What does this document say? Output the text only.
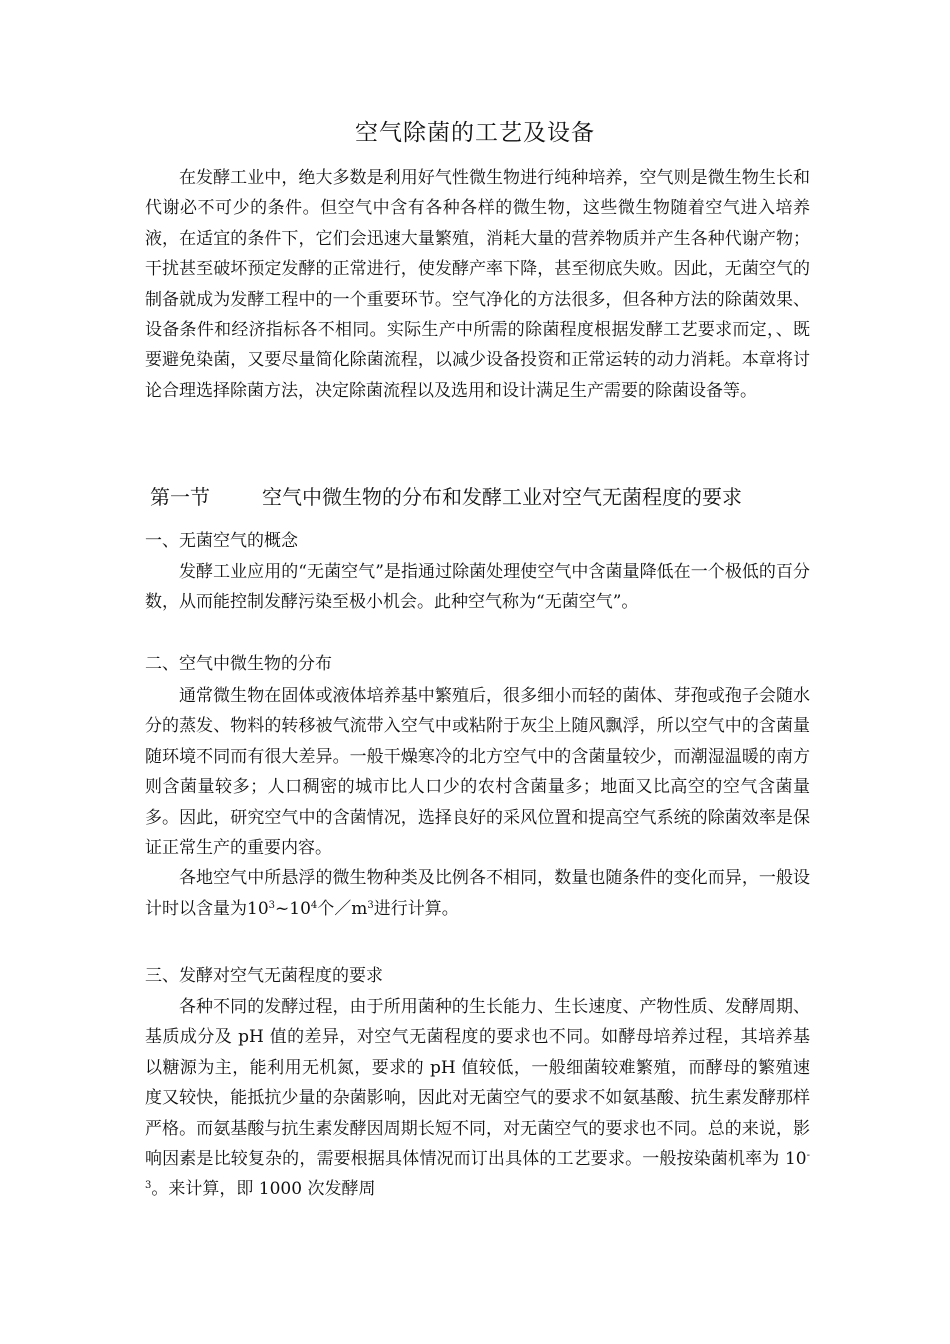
空气除菌的工艺及设备

在发酵工业中，绝大多数是利用好气性微生物进行纯种培养，空气则是微生物生长和代谢必不可少的条件。但空气中含有各种各样的微生物，这些微生物随着空气进入培养液，在适宜的条件下，它们会迅速大量繁殖，消耗大量的营养物质并产生各种代谢产物；干扰甚至破坏预定发酵的正常进行，使发酵产率下降，甚至彻底失败。因此，无菌空气的制备就成为发酵工程中的一个重要环节。空气净化的方法很多，但各种方法的除菌效果、设备条件和经济指标各不相同。实际生产中所需的除菌程度根据发酵工艺要求而定，、既要避免染菌，又要尽量简化除菌流程，以减少设备投资和正常运转的动力消耗。本章将讨论合理选择除菌方法，决定除菌流程以及选用和设计满足生产需要的除菌设备等。

第一节	空气中微生物的分布和发酵工业对空气无菌程度的要求
一、无菌空气的概念

发酵工业应用的“无菌空气”是指通过除菌处理使空气中含菌量降低在一个极低的百分数，从而能控制发酵污染至极小机会。此种空气称为“无菌空气”。

二、空气中微生物的分布

通常微生物在固体或液体培养基中繁殖后，很多细小而轻的菌体、芽孢或孢子会随水分的蒸发、物料的转移被气流带入空气中或粘附于灰尘上随风飘浮，所以空气中的含菌量随环境不同而有很大差异。一般干燥寒冷的北方空气中的含菌量较少，而潮湿温暖的南方则含菌量较多；人口稠密的城市比人口少的农村含菌量多；地面又比高空的空气含菌量多。因此，研究空气中的含菌情况，选择良好的采风位置和提高空气系统的除菌效率是保证正常生产的重要内容。

各地空气中所悬浮的微生物种类及比例各不相同，数量也随条件的变化而异，一般设计时以含量为$10^3\sim 10^4$个$/m^3$进行计算。

三、发酵对空气无菌程度的要求

各种不同的发酵过程，由于所用菌种的生长能力、生长速度、产物性质、发酵周期、基质成分及 pH 值的差异，对空气无菌程度的要求也不同。如酵母培养过程，其培养基以糖源为主，能利用无机氮，要求的 pH 值较低，一般细菌较难繁殖，而酵母的繁殖速度又较快，能抵抗少量的杂菌影响，因此对无菌空气的要求不如氨基酸、抗生素发酵那样严格。而氨基酸与抗生素发酵因周期长短不同，对无菌空气的要求也不同。总的来说，影响因素是比较复杂的，需要根据具体情况而订出具体的工艺要求。一般按染菌机率为 $10^{-3}$。来计算，即 1000 次发酵周
